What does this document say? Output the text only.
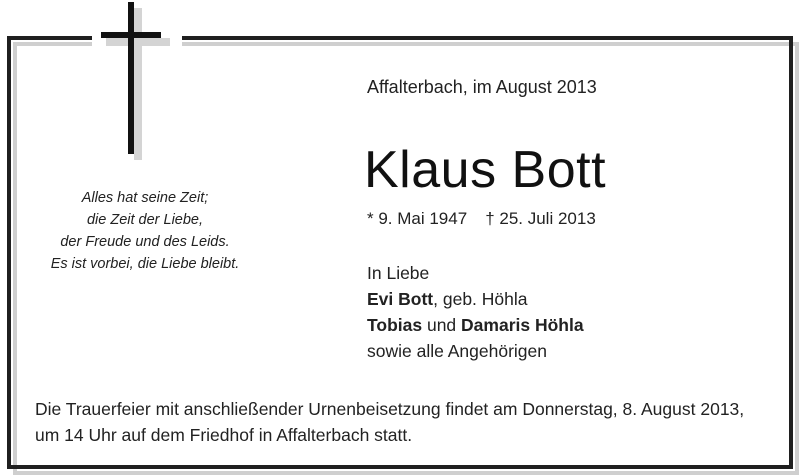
Alles hat seine Zeit;
die Zeit der Liebe,
der Freude und des Leids.
Es ist vorbei, die Liebe bleibt.
Affalterbach, im August 2013
Klaus Bott
* 9. Mai 1947 † 25. Juli 2013
In Liebe
Evi Bott, geb. Höhla
Tobias und Damaris Höhla
sowie alle Angehörigen
Die Trauerfeier mit anschließender Urnenbeisetzung findet am Donnerstag, 8. August 2013,
um 14 Uhr auf dem Friedhof in Affalterbach statt.
